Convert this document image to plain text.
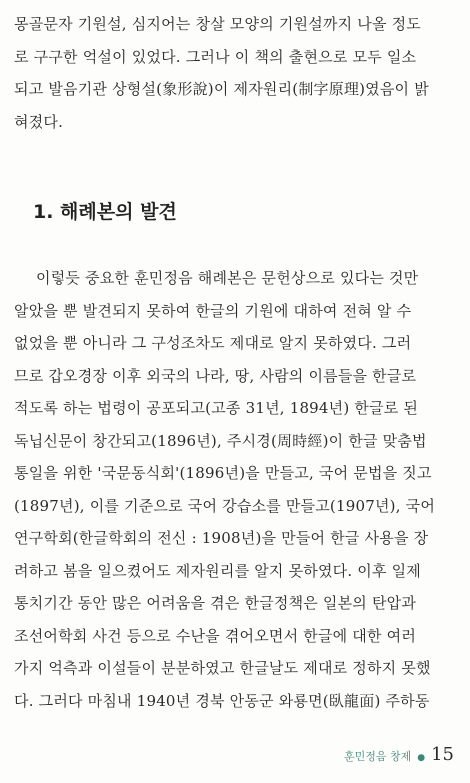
몽골문자 기원설, 심지어는 창살 모양의 기원설까지 나올 정도
로 구구한 억설이 있었다. 그러나 이 책의 출현으로 모두 일소
되고 발음기관 상형설(象形說)이 제자원리(制字原理)였음이 밝
혀졌다.
1. 해례본의 발견
이렇듯 중요한 훈민정음 해례본은 문헌상으로 있다는 것만
알았을 뿐 발견되지 못하여 한글의 기원에 대하여 전혀 알 수
없었을 뿐 아니라 그 구성조차도 제대로 알지 못하였다. 그러
므로 갑오경장 이후 외국의 나라, 땅, 사람의 이름들을 한글로
적도록 하는 법령이 공포되고(고종 31년, 1894년) 한글로 된
독닙신문이 창간되고(1896년), 주시경(周時經)이 한글 맞춤법
통일을 위한 '국문동식회'(1896년)을 만들고, 국어 문법을 짓고
(1897년), 이를 기준으로 국어 강습소를 만들고(1907년), 국어
연구학회(한글학회의 전신 : 1908년)을 만들어 한글 사용을 장
려하고 봄을 일으켰어도 제자원리를 알지 못하였다. 이후 일제
통치기간 동안 많은 어려움을 겪은 한글정책은 일본의 탄압과
조선어학회 사건 등으로 수난을 겪어오면서 한글에 대한 여러
가지 억측과 이설들이 분분하였고 한글날도 제대로 정하지 못했
다. 그러다 마침내 1940년 경북 안동군 와룡면(臥龍面) 주하동
훈민정음 창제 ● 15
